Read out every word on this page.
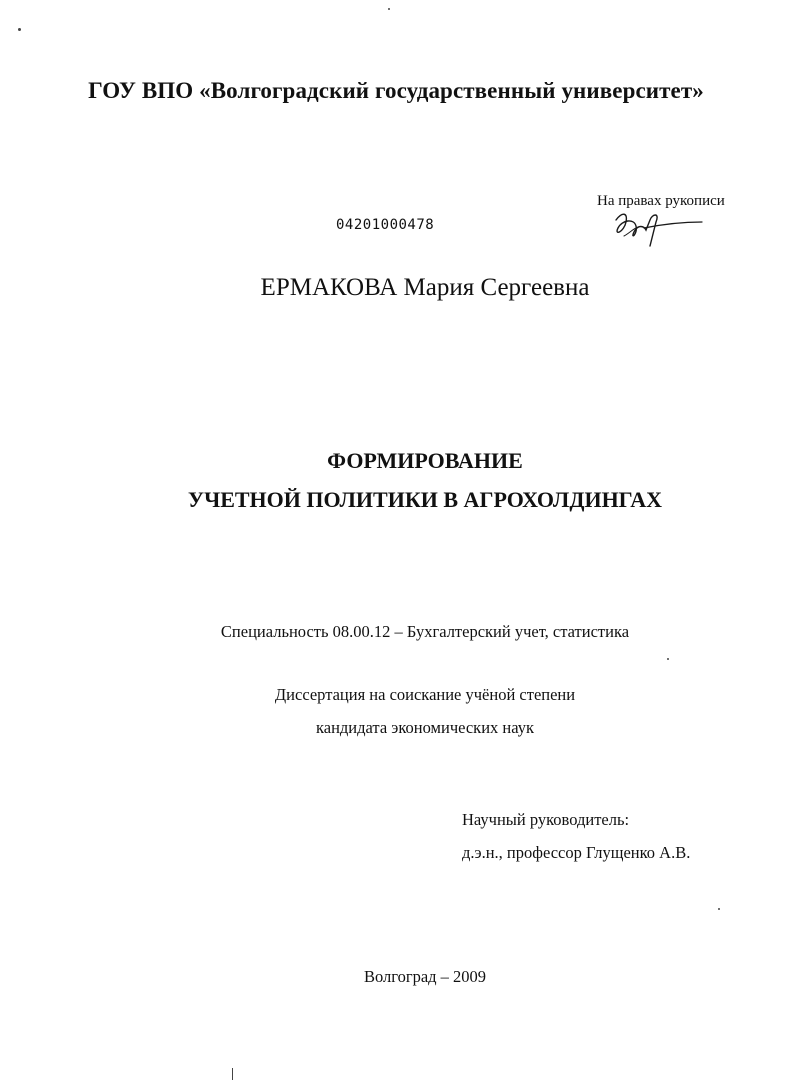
ГОУ ВПО «Волгоградский государственный университет»
На правах рукописи
04201000478
ЕРМАКОВА Мария Сергеевна
ФОРМИРОВАНИЕ
УЧЕТНОЙ ПОЛИТИКИ В АГРОХОЛДИНГАХ
Специальность 08.00.12 – Бухгалтерский учет, статистика
Диссертация на соискание учёной степени
кандидата экономических наук
Научный руководитель:
д.э.н., профессор Глущенко А.В.
Волгоград – 2009
